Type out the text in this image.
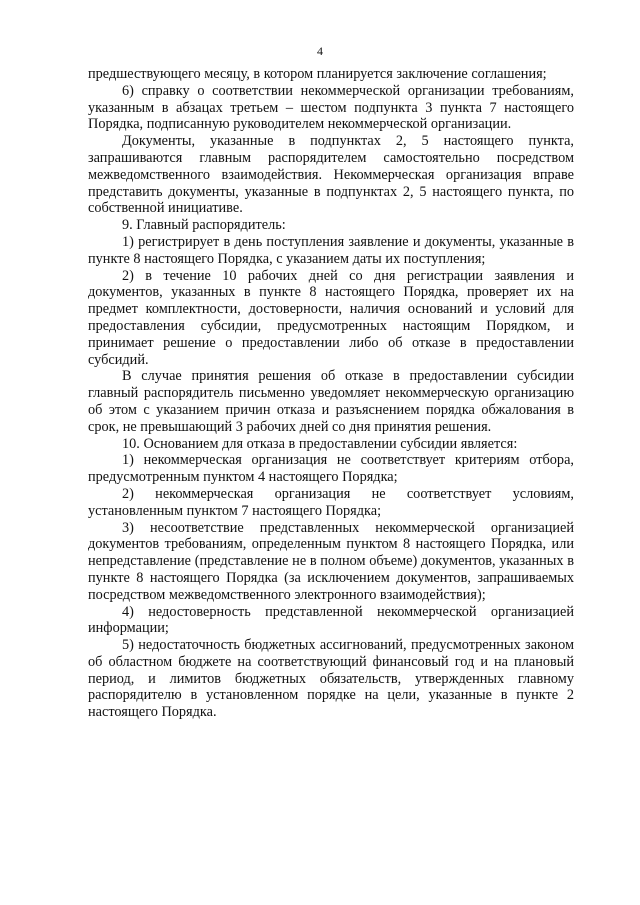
4

предшествующего месяцу, в котором планируется заключение соглашения;

6) справку о соответствии некоммерческой организации требованиям, указанным в абзацах третьем – шестом подпункта 3 пункта 7 настоящего Порядка, подписанную руководителем некоммерческой организации.

Документы, указанные в подпунктах 2, 5 настоящего пункта, запрашиваются главным распорядителем самостоятельно посредством межведомственного взаимодействия. Некоммерческая организация вправе представить документы, указанные в подпунктах 2, 5 настоящего пункта, по собственной инициативе.

9. Главный распорядитель:

1) регистрирует в день поступления заявление и документы, указанные в пункте 8 настоящего Порядка, с указанием даты их поступления;

2) в течение 10 рабочих дней со дня регистрации заявления и документов, указанных в пункте 8 настоящего Порядка, проверяет их на предмет комплектности, достоверности, наличия оснований и условий для предоставления субсидии, предусмотренных настоящим Порядком, и принимает решение о предоставлении либо об отказе в предоставлении субсидий.

В случае принятия решения об отказе в предоставлении субсидии главный распорядитель письменно уведомляет некоммерческую организацию об этом с указанием причин отказа и разъяснением порядка обжалования в срок, не превышающий 3 рабочих дней со дня принятия решения.

10. Основанием для отказа в предоставлении субсидии является:

1) некоммерческая организация не соответствует критериям отбора, предусмотренным пунктом 4 настоящего Порядка;

2) некоммерческая организация не соответствует условиям, установленным пунктом 7 настоящего Порядка;

3) несоответствие представленных некоммерческой организацией документов требованиям, определенным пунктом 8 настоящего Порядка, или непредставление (представление не в полном объеме) документов, указанных в пункте 8 настоящего Порядка (за исключением документов, запрашиваемых посредством межведомственного электронного взаимодействия);

4) недостоверность представленной некоммерческой организацией информации;

5) недостаточность бюджетных ассигнований, предусмотренных законом об областном бюджете на соответствующий финансовый год и на плановый период, и лимитов бюджетных обязательств, утвержденных главному распорядителю в установленном порядке на цели, указанные в пункте 2 настоящего Порядка.
